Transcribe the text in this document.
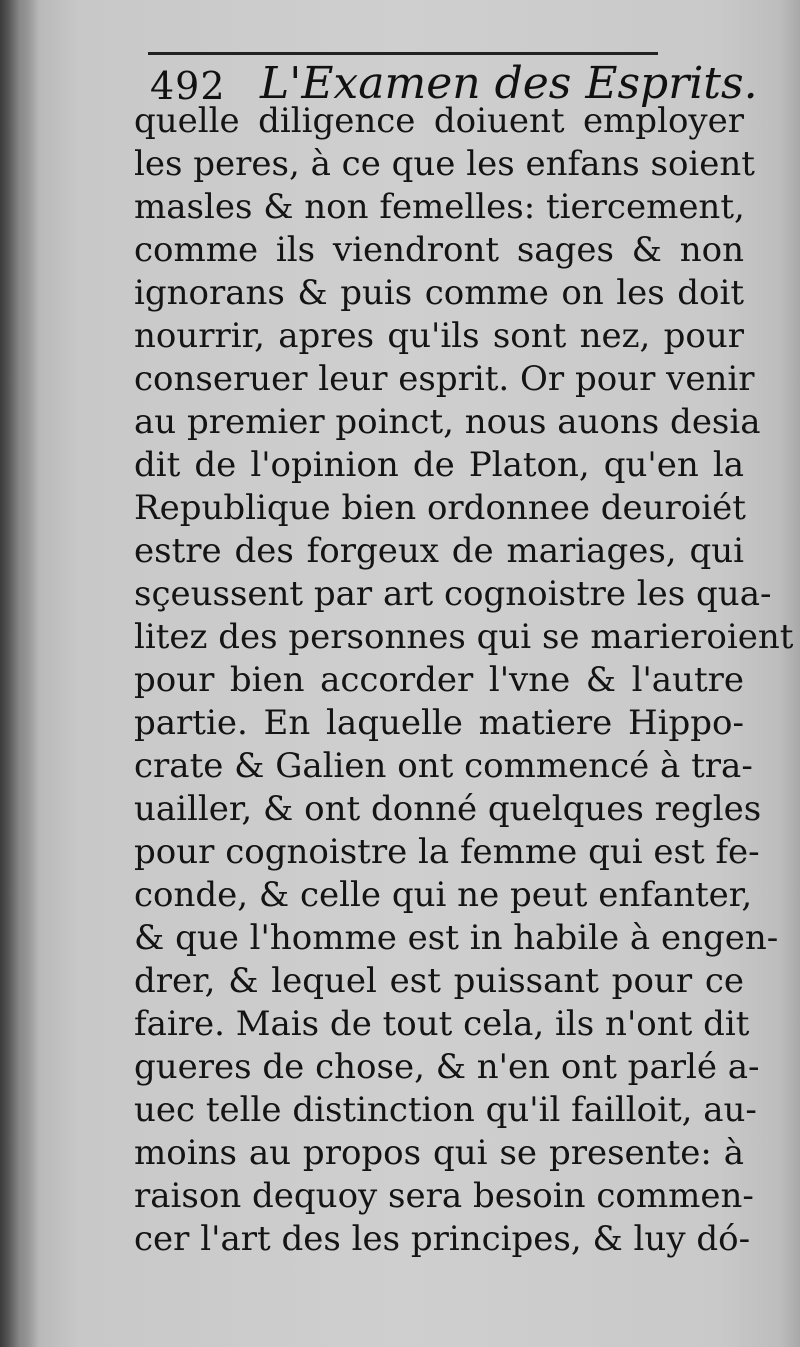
492 L'Examen des Esprits.
quelle diligence doiuent employer
les peres, à ce que les enfans soient
masles & non femelles: tiercement,
comme ils viendront sages & non
ignorans & puis comme on les doit
nourrir, apres qu'ils sont nez, pour
conseruer leur esprit. Or pour venir
au premier poinct, nous auons desia
dit de l'opinion de Platon, qu'en la
Republique bien ordonnee deuroiét
estre des forgeux de mariages, qui
sçeussent par art cognoistre les qua-
litez des personnes qui se marieroient
pour bien accorder l'vne & l'autre
partie. En laquelle matiere Hippo-
crate & Galien ont commencé à tra-
uailler, & ont donné quelques regles
pour cognoistre la femme qui est fe-
conde, & celle qui ne peut enfanter,
& que l'homme est in habile à engen-
drer, & lequel est puissant pour ce
faire. Mais de tout cela, ils n'ont dit
gueres de chose, & n'en ont parlé a-
uec telle distinction qu'il failloit, au-
moins au propos qui se presente: à
raison dequoy sera besoin commen-
cer l'art des les principes, & luy dó-
